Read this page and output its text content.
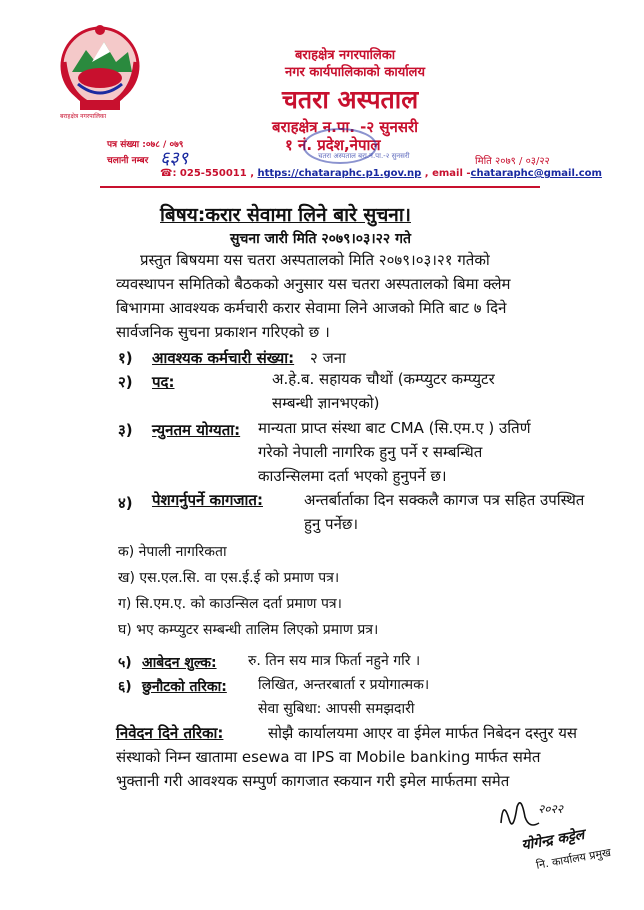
बराहक्षेत्र नगरपालिका
बराहक्षेत्र नगरपालिका
नगर कार्यपालिकाको कार्यालय
चतरा अस्पताल
बराहक्षेत्र न.पा. -२ सुनसरी
१ नं. प्रदेश,नेपाल
चतरा अस्पताल बरा.न.पा.-२ सुनसरी
पत्र संख्या :०७८ / ०७९
चलानी नम्बर ६३९	मिति २०७९ / ०३/२२
☎: 025-550011 , https://chataraphc.p1.gov.np , email -chataraphc@gmail.com
बिषय:करार सेवामा लिने बारे सुचना।
सुचना जारी मिति २०७९।०३।२२ गते
प्रस्तुत बिषयमा यस चतरा अस्पतालको मिति २०७९।०३।२१ गतेको
व्यवस्थापन समितिको बैठकको अनुसार यस चतरा अस्पतालको बिमा क्लेम
बिभागमा आवश्यक कर्मचारी करार सेवामा लिने आजको मिति बाट ७ दिने
सार्वजनिक सुचना प्रकाशन गरिएको छ ।
१) आवश्यक कर्मचारी संख्या: २ जना
२) पद:	अ.हे.ब. सहायक चौथों (कम्प्युटर कम्प्युटर
सम्बन्धी ज्ञानभएको)
३) न्युनतम योग्यता: मान्यता प्राप्त संस्था बाट CMA (सि.एम.ए ) उतिर्ण
गरेको नेपाली नागरिक हुनु पर्ने र सम्बन्धित
काउन्सिलमा दर्ता भएको हुनुपर्ने छ।
४) पेशगर्नुपर्ने कागजात:	अन्तर्बार्ताका दिन सक्कलै कागज पत्र सहित उपस्थित
हुनु पर्नेछ।
क) नेपाली नागरिकता
ख) एस.एल.सि. वा एस.ई.ई को प्रमाण पत्र।
ग) सि.एम.ए. को काउन्सिल दर्ता प्रमाण पत्र।
घ) भए कम्प्युटर सम्बन्धी तालिम लिएको प्रमाण प्रत्र।
५) आबेदन शुल्क: रु. तिन सय मात्र फिर्ता नहुने गरि ।
६) छुनौटको तरिका: लिखित, अन्तरबार्ता र प्रयोगात्मक।
सेवा सुबिधा: आपसी समझदारी
निवेदन दिने तरिका:	सोझै कार्यालयमा आएर वा ईमेल मार्फत निबेदन दस्तुर यस
संस्थाको निम्न खातामा esewa वा IPS वा Mobile banking मार्फत समेत
भुक्तानी गरी आवश्यक सम्पुर्ण कागजात स्कयान गरी इमेल मार्फतमा समेत
२०२२
योगेन्द्र कट्टेल
नि. कार्यालय प्रमुख
